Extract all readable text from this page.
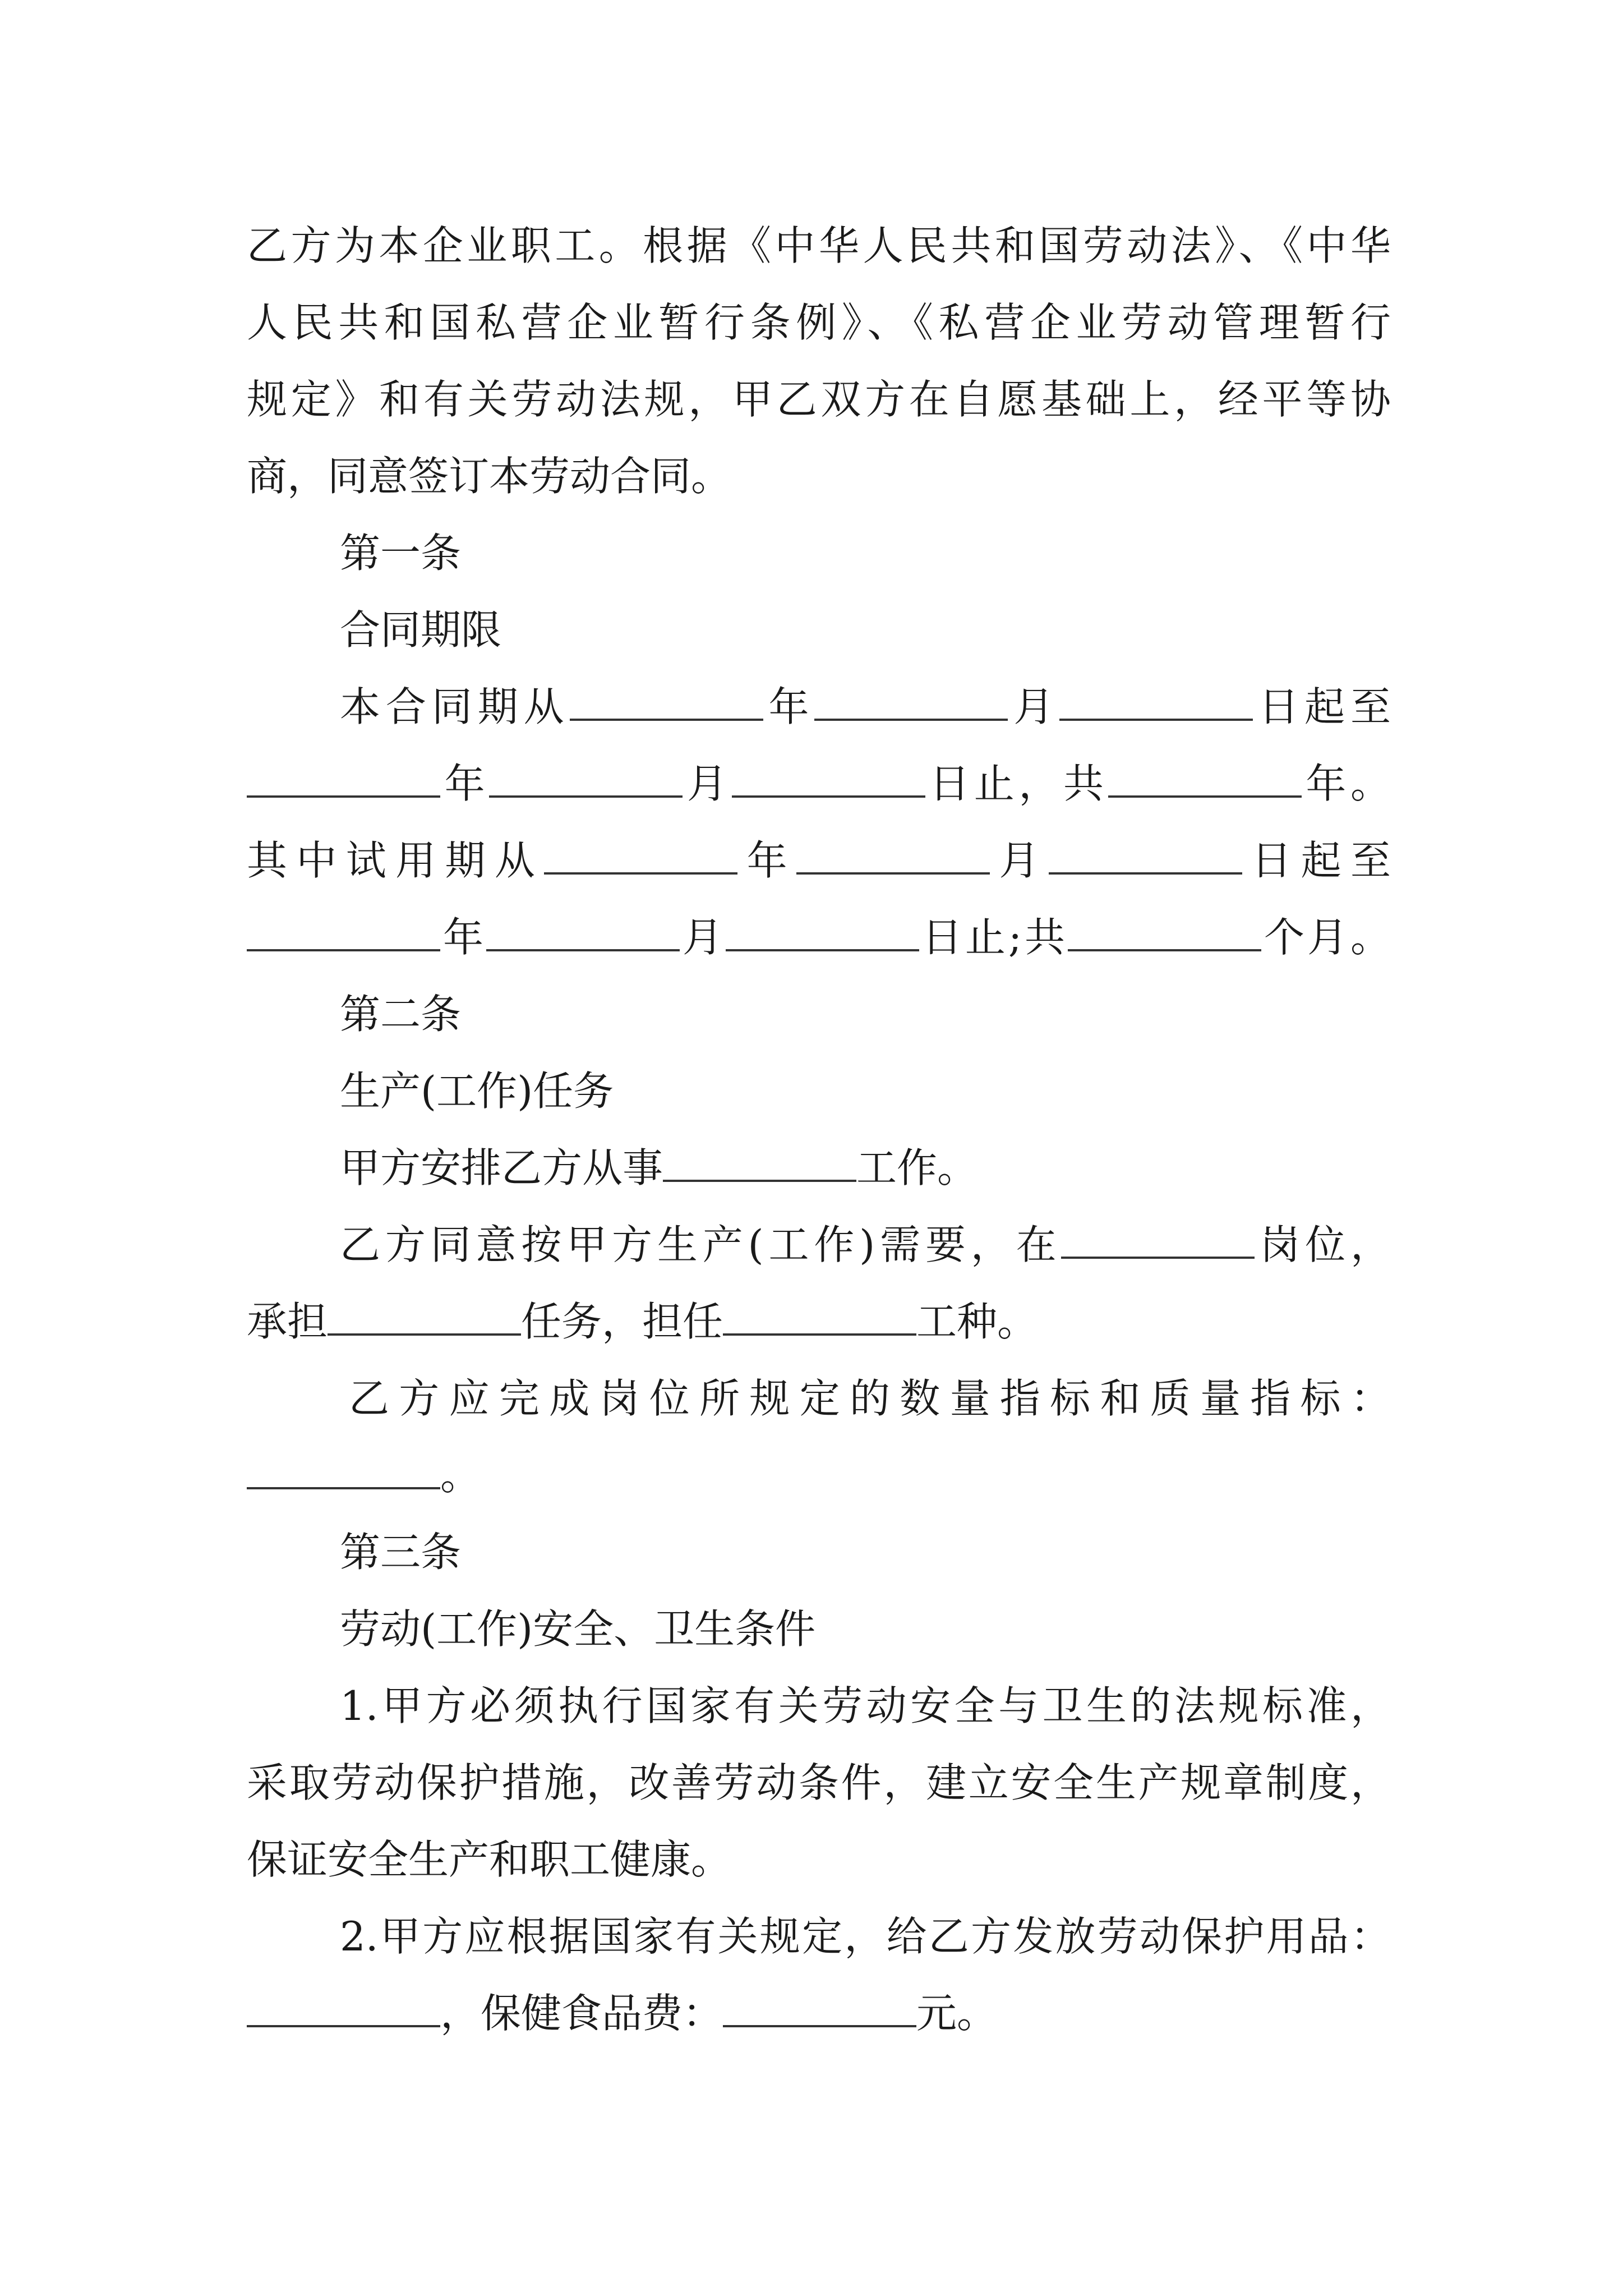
乙方为本企业职工。根据《中华人民共和国劳动法》、《中华
人民共和国私营企业暂行条例》、《私营企业劳动管理暂行
规定》和有关劳动法规，甲乙双方在自愿基础上，经平等协
商，同意签订本劳动合同。
第一条
合同期限
本合同期从	年	月	日起至
年	月	日止，共	年。
其中试用期从	年	月	日起至
年	月	日止;共	个月。
第二条
生产(工作)任务
甲方安排乙方从事	工作。
乙方同意按甲方生产(工作)需要，在	岗位，
承担	任务，担任	工种。
乙方应完成岗位所规定的数量指标和质量指标：
。
第三条
劳动(工作)安全、卫生条件
1.甲方必须执行国家有关劳动安全与卫生的法规标准，
采取劳动保护措施，改善劳动条件，建立安全生产规章制度，
保证安全生产和职工健康。
2.甲方应根据国家有关规定，给乙方发放劳动保护用品：
，保健食品费：	元。
